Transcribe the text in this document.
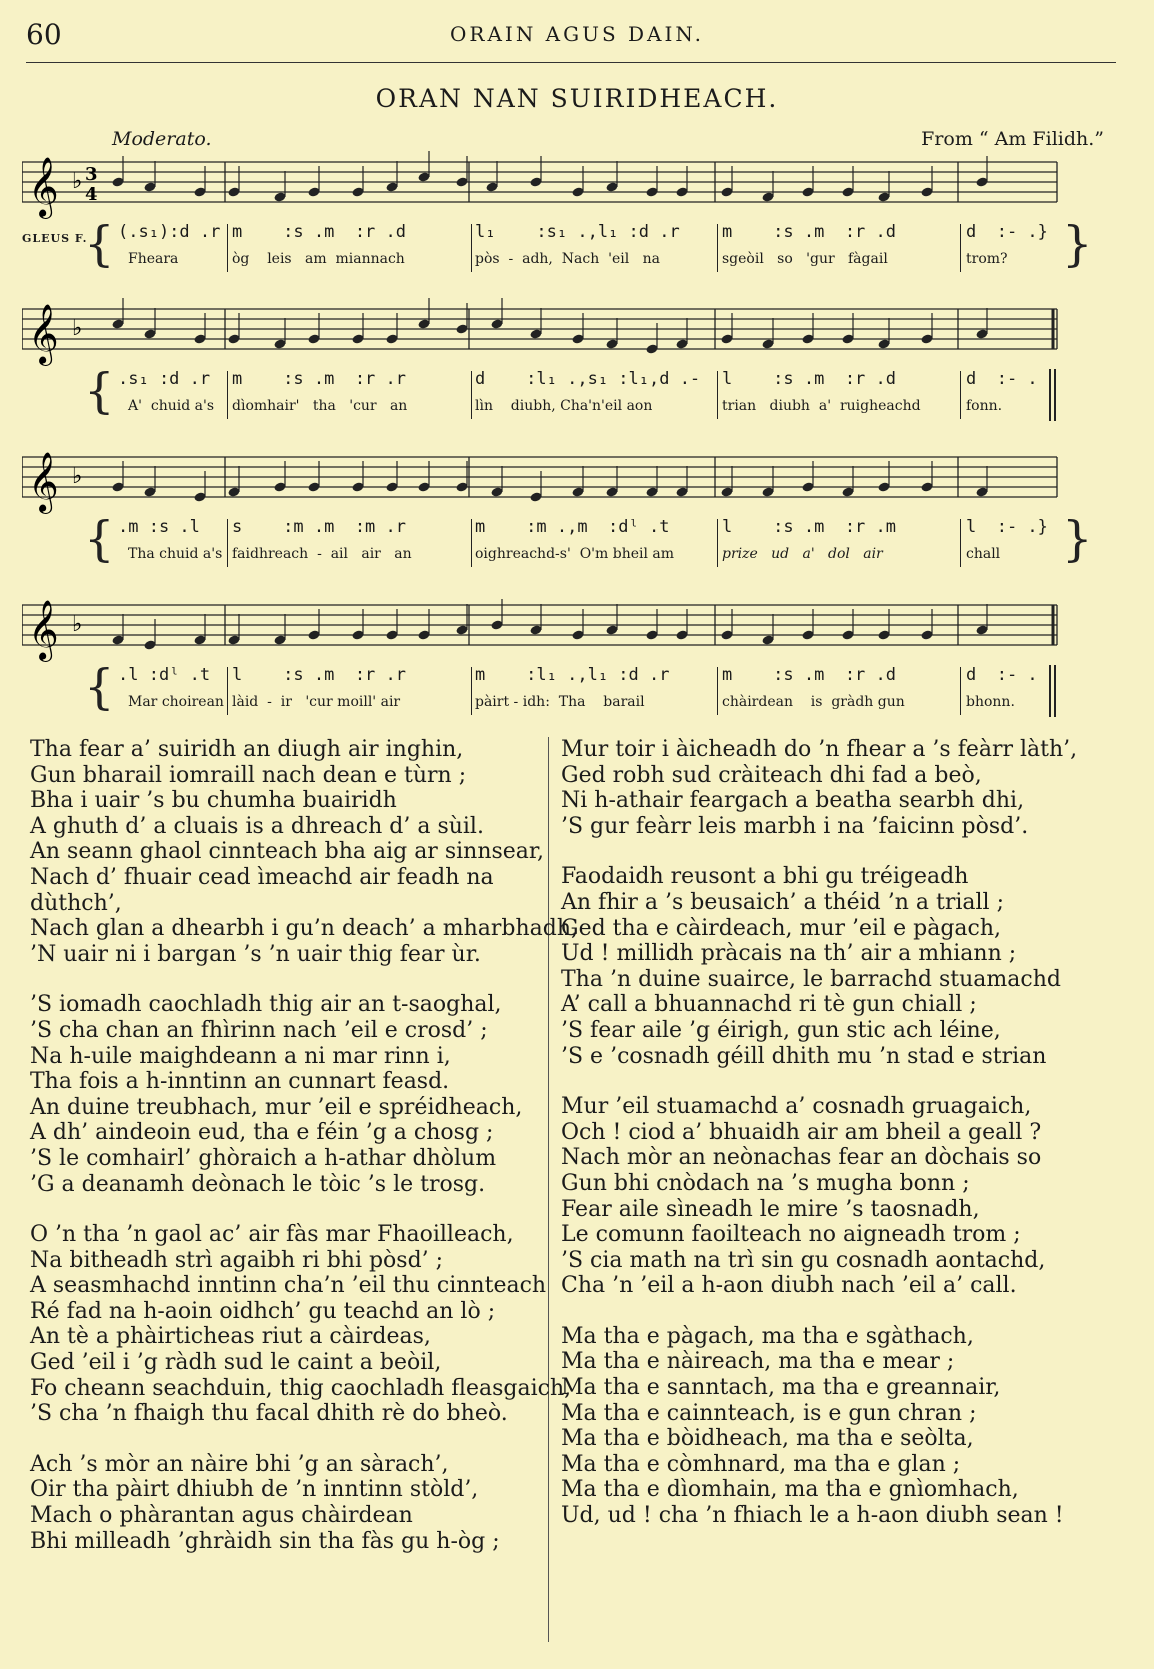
60	ORAIN AGUS DAIN.
ORAN NAN SUIRIDHEACH.
Moderato.	From “ Am Filidh.”
𝄞 ♭ 3
4
GLEUS F.
{ (.s₁):d .r m    :s .m  :r .d	l₁    :s₁ .,l₁ :d .r m    :s .m  :r .d	d  :- .}
Fheara	òg    leis   am  miannach	pòs  -  adh,  Nach  'eil   na	sgeòil   so   'gur   fàgail	trom? }
𝄞 ♭
{ .s₁ :d .r m    :s .m  :r .r	d    :l₁ .,s₁ :l₁,d .- l    :s .m  :r .d	d  :- .
A'  chuid a's dìomhair'   tha   'cur   an	lìn    diubh, Cha'n'eil aon	trian   diubh  a'  ruigheachd	fonn.
𝄞 ♭
{ .m :s .l s    :m .m  :m .r	m    :m .,m  :dˡ .t	l    :s .m  :r .m	l  :- .}
Tha chuid a's faidhreach  -  ail   air   an	oighreachd-s'  O'm bheil am	prize   ud   a'   dol   air	chall }
𝄞 ♭
{ .l :dˡ .t l    :s .m  :r .r	m    :l₁ .,l₁ :d .r	m    :s .m  :r .d	d  :- .
Mar choirean làid  -  ir   'cur moill' air	pàirt - idh:  Tha    barail	chàirdean    is  gràdh gun	bhonn.
Tha fear a’ suiridh an diugh air inghin,
Gun bharail iomraill nach dean e tùrn ;
Bha i uair ’s bu chumha buairidh
A ghuth d’ a cluais is a dhreach d’ a sùil.
An seann ghaol cinnteach bha aig ar sinnsear,
Nach d’ fhuair cead ìmeachd air feadh na
dùthch’,
Nach glan a dhearbh i gu’n deach’ a mharbhadh,
’N uair ni i bargan ’s ’n uair thig fear ùr.
’S iomadh caochladh thig air an t-saoghal,
’S cha chan an fhìrinn nach ’eil e crosd’ ;
Na h-uile maighdeann a ni mar rinn i,
Tha fois a h-inntinn an cunnart feasd.
An duine treubhach, mur ’eil e spréidheach,
A dh’ aindeoin eud, tha e féin ’g a chosg ;
’S le comhairl’ ghòraich a h-athar dhòlum
’G a deanamh deònach le tòic ’s le trosg.
O ’n tha ’n gaol ac’ air fàs mar Fhaoilleach,
Na bitheadh strì agaibh ri bhi pòsd’ ;
A seasmhachd inntinn cha’n ’eil thu cinnteach
Ré fad na h-aoin oidhch’ gu teachd an lò ;
An tè a phàirticheas riut a càirdeas,
Ged ’eil i ’g ràdh sud le caint a beòil,
Fo cheann seachduin, thig caochladh fleasgaich,
’S cha ’n fhaigh thu facal dhith rè do bheò.
Ach ’s mòr an nàire bhi ’g an sàrach’,
Oir tha pàirt dhiubh de ’n inntinn stòld’,
Mach o phàrantan agus chàirdean
Bhi milleadh ’ghràidh sin tha fàs gu h-òg ;
Mur toir i àicheadh do ’n fhear a ’s feàrr làth’,
Ged robh sud cràiteach dhi fad a beò,
Ni h-athair feargach a beatha searbh dhi,
’S gur feàrr leis marbh i na ’faicinn pòsd’.
Faodaidh reusont a bhi gu tréigeadh
An fhir a ’s beusaich’ a théid ’n a triall ;
Ged tha e càirdeach, mur ’eil e pàgach,
Ud ! millidh pràcais na th’ air a mhiann ;
Tha ’n duine suairce, le barrachd stuamachd
A’ call a bhuannachd ri tè gun chiall ;
’S fear aile ’g éirigh, gun stic ach léine,
’S e ’cosnadh géill dhith mu ’n stad e strian
Mur ’eil stuamachd a’ cosnadh gruagaich,
Och ! ciod a’ bhuaidh air am bheil a geall ?
Nach mòr an neònachas fear an dòchais so
Gun bhi cnòdach na ’s mugha bonn ;
Fear aile sìneadh le mire ’s taosnadh,
Le comunn faoilteach no aigneadh trom ;
’S cia math na trì sin gu cosnadh aontachd,
Cha ’n ’eil a h-aon diubh nach ’eil a’ call.
Ma tha e pàgach, ma tha e sgàthach,
Ma tha e nàireach, ma tha e mear ;
Ma tha e sanntach, ma tha e greannair,
Ma tha e cainnteach, is e gun chran ;
Ma tha e bòidheach, ma tha e seòlta,
Ma tha e còmhnard, ma tha e glan ;
Ma tha e dìomhain, ma tha e gnìomhach,
Ud, ud ! cha ’n fhiach le a h-aon diubh sean !
